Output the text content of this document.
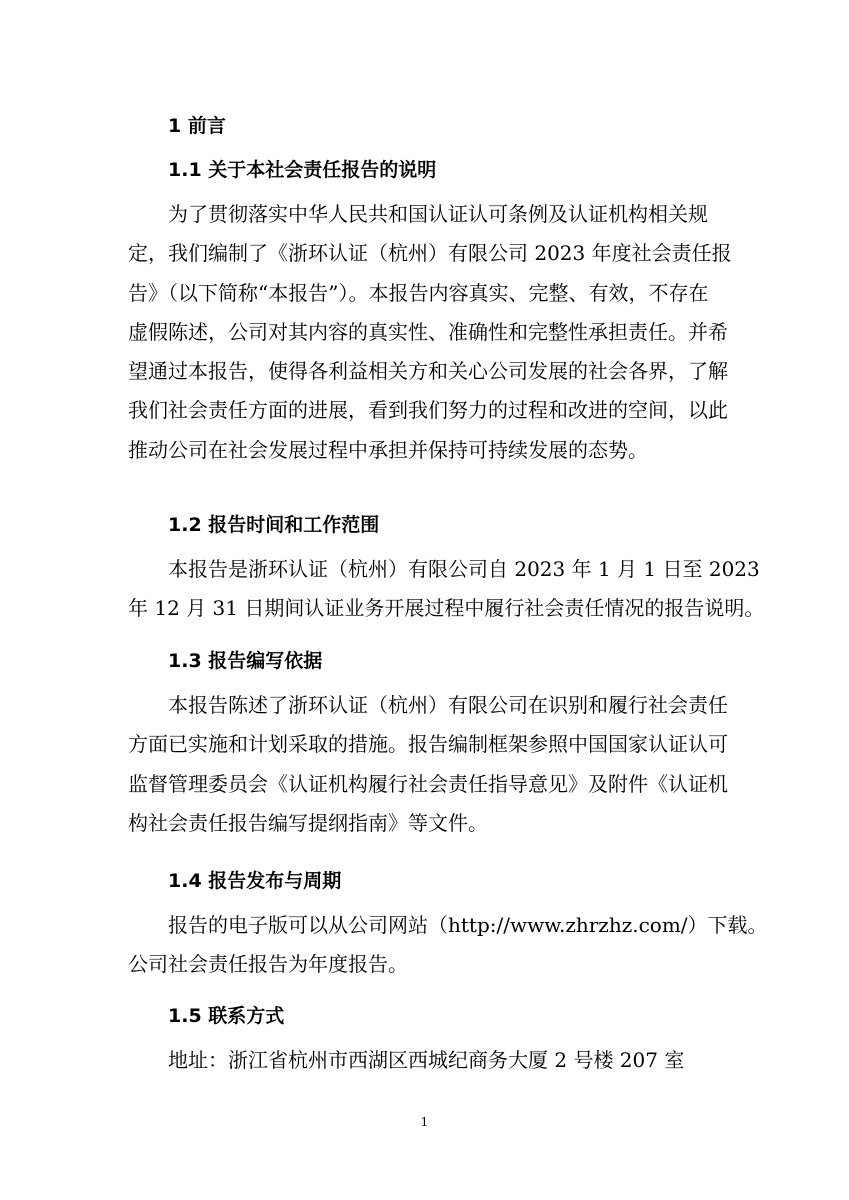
1 前言
1.1 关于本社会责任报告的说明
为了贯彻落实中华人民共和国认证认可条例及认证机构相关规
定，我们编制了《浙环认证（杭州）有限公司 2023 年度社会责任报
告》（以下简称“本报告”）。本报告内容真实、完整、有效，不存在
虚假陈述，公司对其内容的真实性、准确性和完整性承担责任。并希
望通过本报告，使得各利益相关方和关心公司发展的社会各界，了解
我们社会责任方面的进展，看到我们努力的过程和改进的空间，以此
推动公司在社会发展过程中承担并保持可持续发展的态势。
1.2 报告时间和工作范围
本报告是浙环认证（杭州）有限公司自 2023 年 1 月 1 日至 2023
年 12 月 31 日期间认证业务开展过程中履行社会责任情况的报告说明。
1.3 报告编写依据
本报告陈述了浙环认证（杭州）有限公司在识别和履行社会责任
方面已实施和计划采取的措施。报告编制框架参照中国国家认证认可
监督管理委员会《认证机构履行社会责任指导意见》及附件《认证机
构社会责任报告编写提纲指南》等文件。
1.4 报告发布与周期
报告的电子版可以从公司网站（http://www.zhrzhz.com/）下载。
公司社会责任报告为年度报告。
1.5 联系方式
地址：浙江省杭州市西湖区西城纪商务大厦 2 号楼 207 室
1
